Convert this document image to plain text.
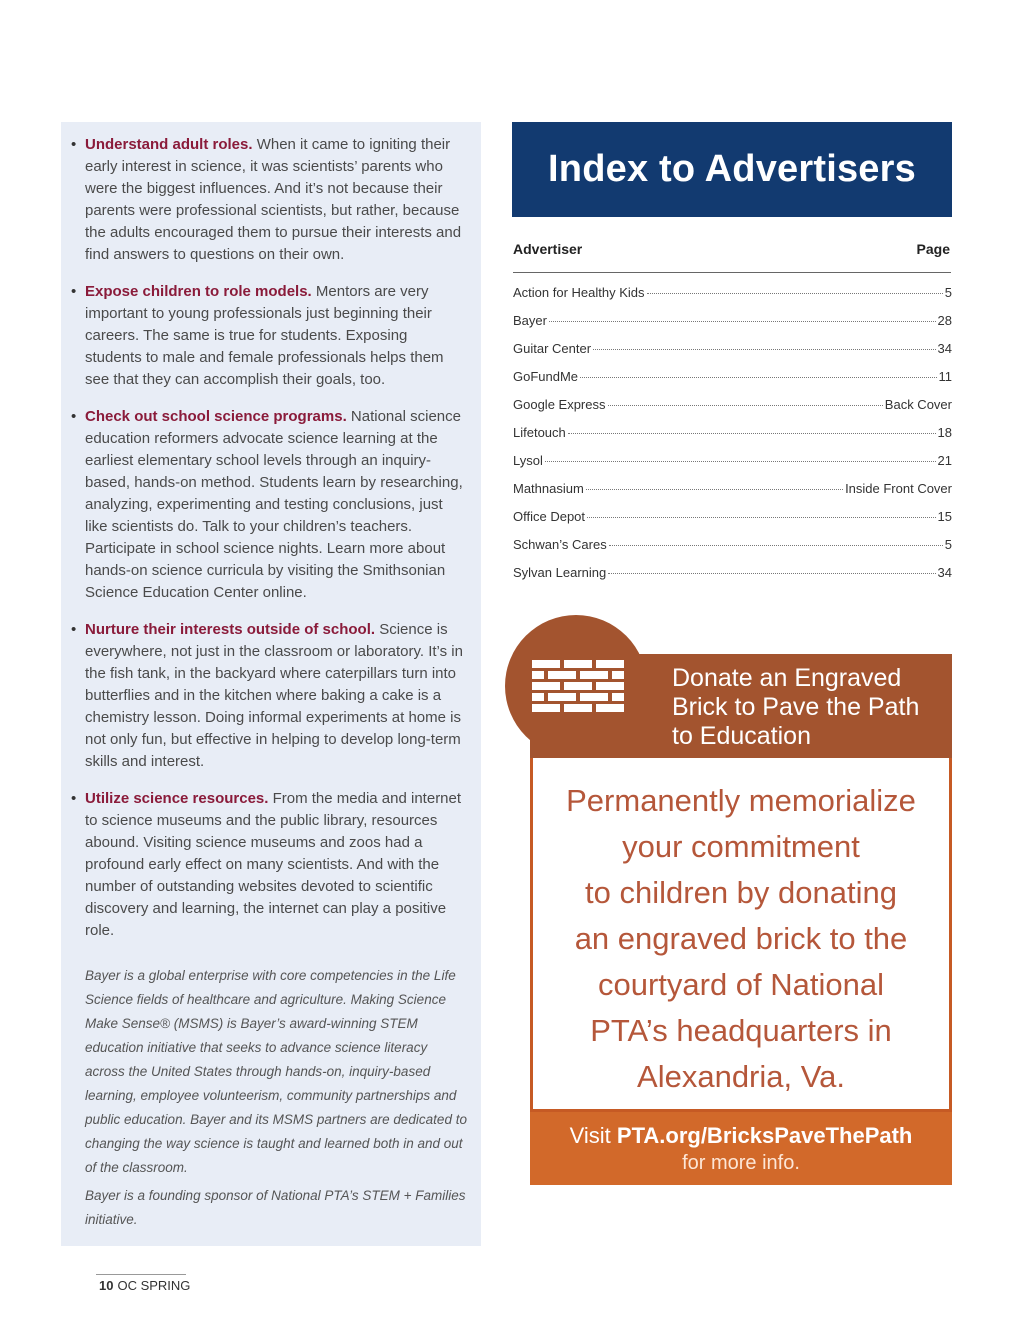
• Understand adult roles. When it came to igniting their early interest in science, it was scientists’ parents who were the biggest influences. And it’s not because their parents were professional scientists, but rather, because the adults encouraged them to pursue their interests and find answers to questions on their own.
• Expose children to role models. Mentors are very important to young professionals just beginning their careers. The same is true for students. Exposing students to male and female professionals helps them see that they can accomplish their goals, too.
• Check out school science programs. National science education reformers advocate science learning at the earliest elementary school levels through an inquiry-based, hands-on method. Students learn by researching, analyzing, experimenting and testing conclusions, just like scientists do. Talk to your children’s teachers. Participate in school science nights. Learn more about hands-on science curricula by visiting the Smithsonian Science Education Center online.
• Nurture their interests outside of school. Science is everywhere, not just in the classroom or laboratory. It’s in the fish tank, in the backyard where caterpillars turn into butterflies and in the kitchen where baking a cake is a chemistry lesson. Doing informal experiments at home is not only fun, but effective in helping to develop long-term skills and interest.
• Utilize science resources. From the media and internet to science museums and the public library, resources abound. Visiting science museums and zoos had a profound early effect on many scientists. And with the number of outstanding websites devoted to scientific discovery and learning, the internet can play a positive role.

Bayer is a global enterprise with core competencies in the Life Science fields of healthcare and agriculture. Making Science Make Sense® (MSMS) is Bayer’s award-winning STEM education initiative that seeks to advance science literacy across the United States through hands-on, inquiry-based learning, employee volunteerism, community partnerships and public education. Bayer and its MSMS partners are dedicated to changing the way science is taught and learned both in and out of the classroom.

Bayer is a founding sponsor of National PTA’s STEM + Families initiative.

10 OC SPRING
Index to Advertisers
Advertiser	Page
Action for Healthy Kids	5
Bayer	28
Guitar Center	34
GoFundMe	11
Google Express	Back Cover
Lifetouch	18
Lysol	21
Mathnasium	Inside Front Cover
Office Depot	15
Schwan’s Cares	5
Sylvan Learning	34
Donate an Engraved
Brick to Pave the Path
to Education
Permanently memorialize
your commitment
to children by donating
an engraved brick to the
courtyard of National
PTA’s headquarters in
Alexandria, Va.
Visit PTA.org/BricksPaveThePath
for more info.
